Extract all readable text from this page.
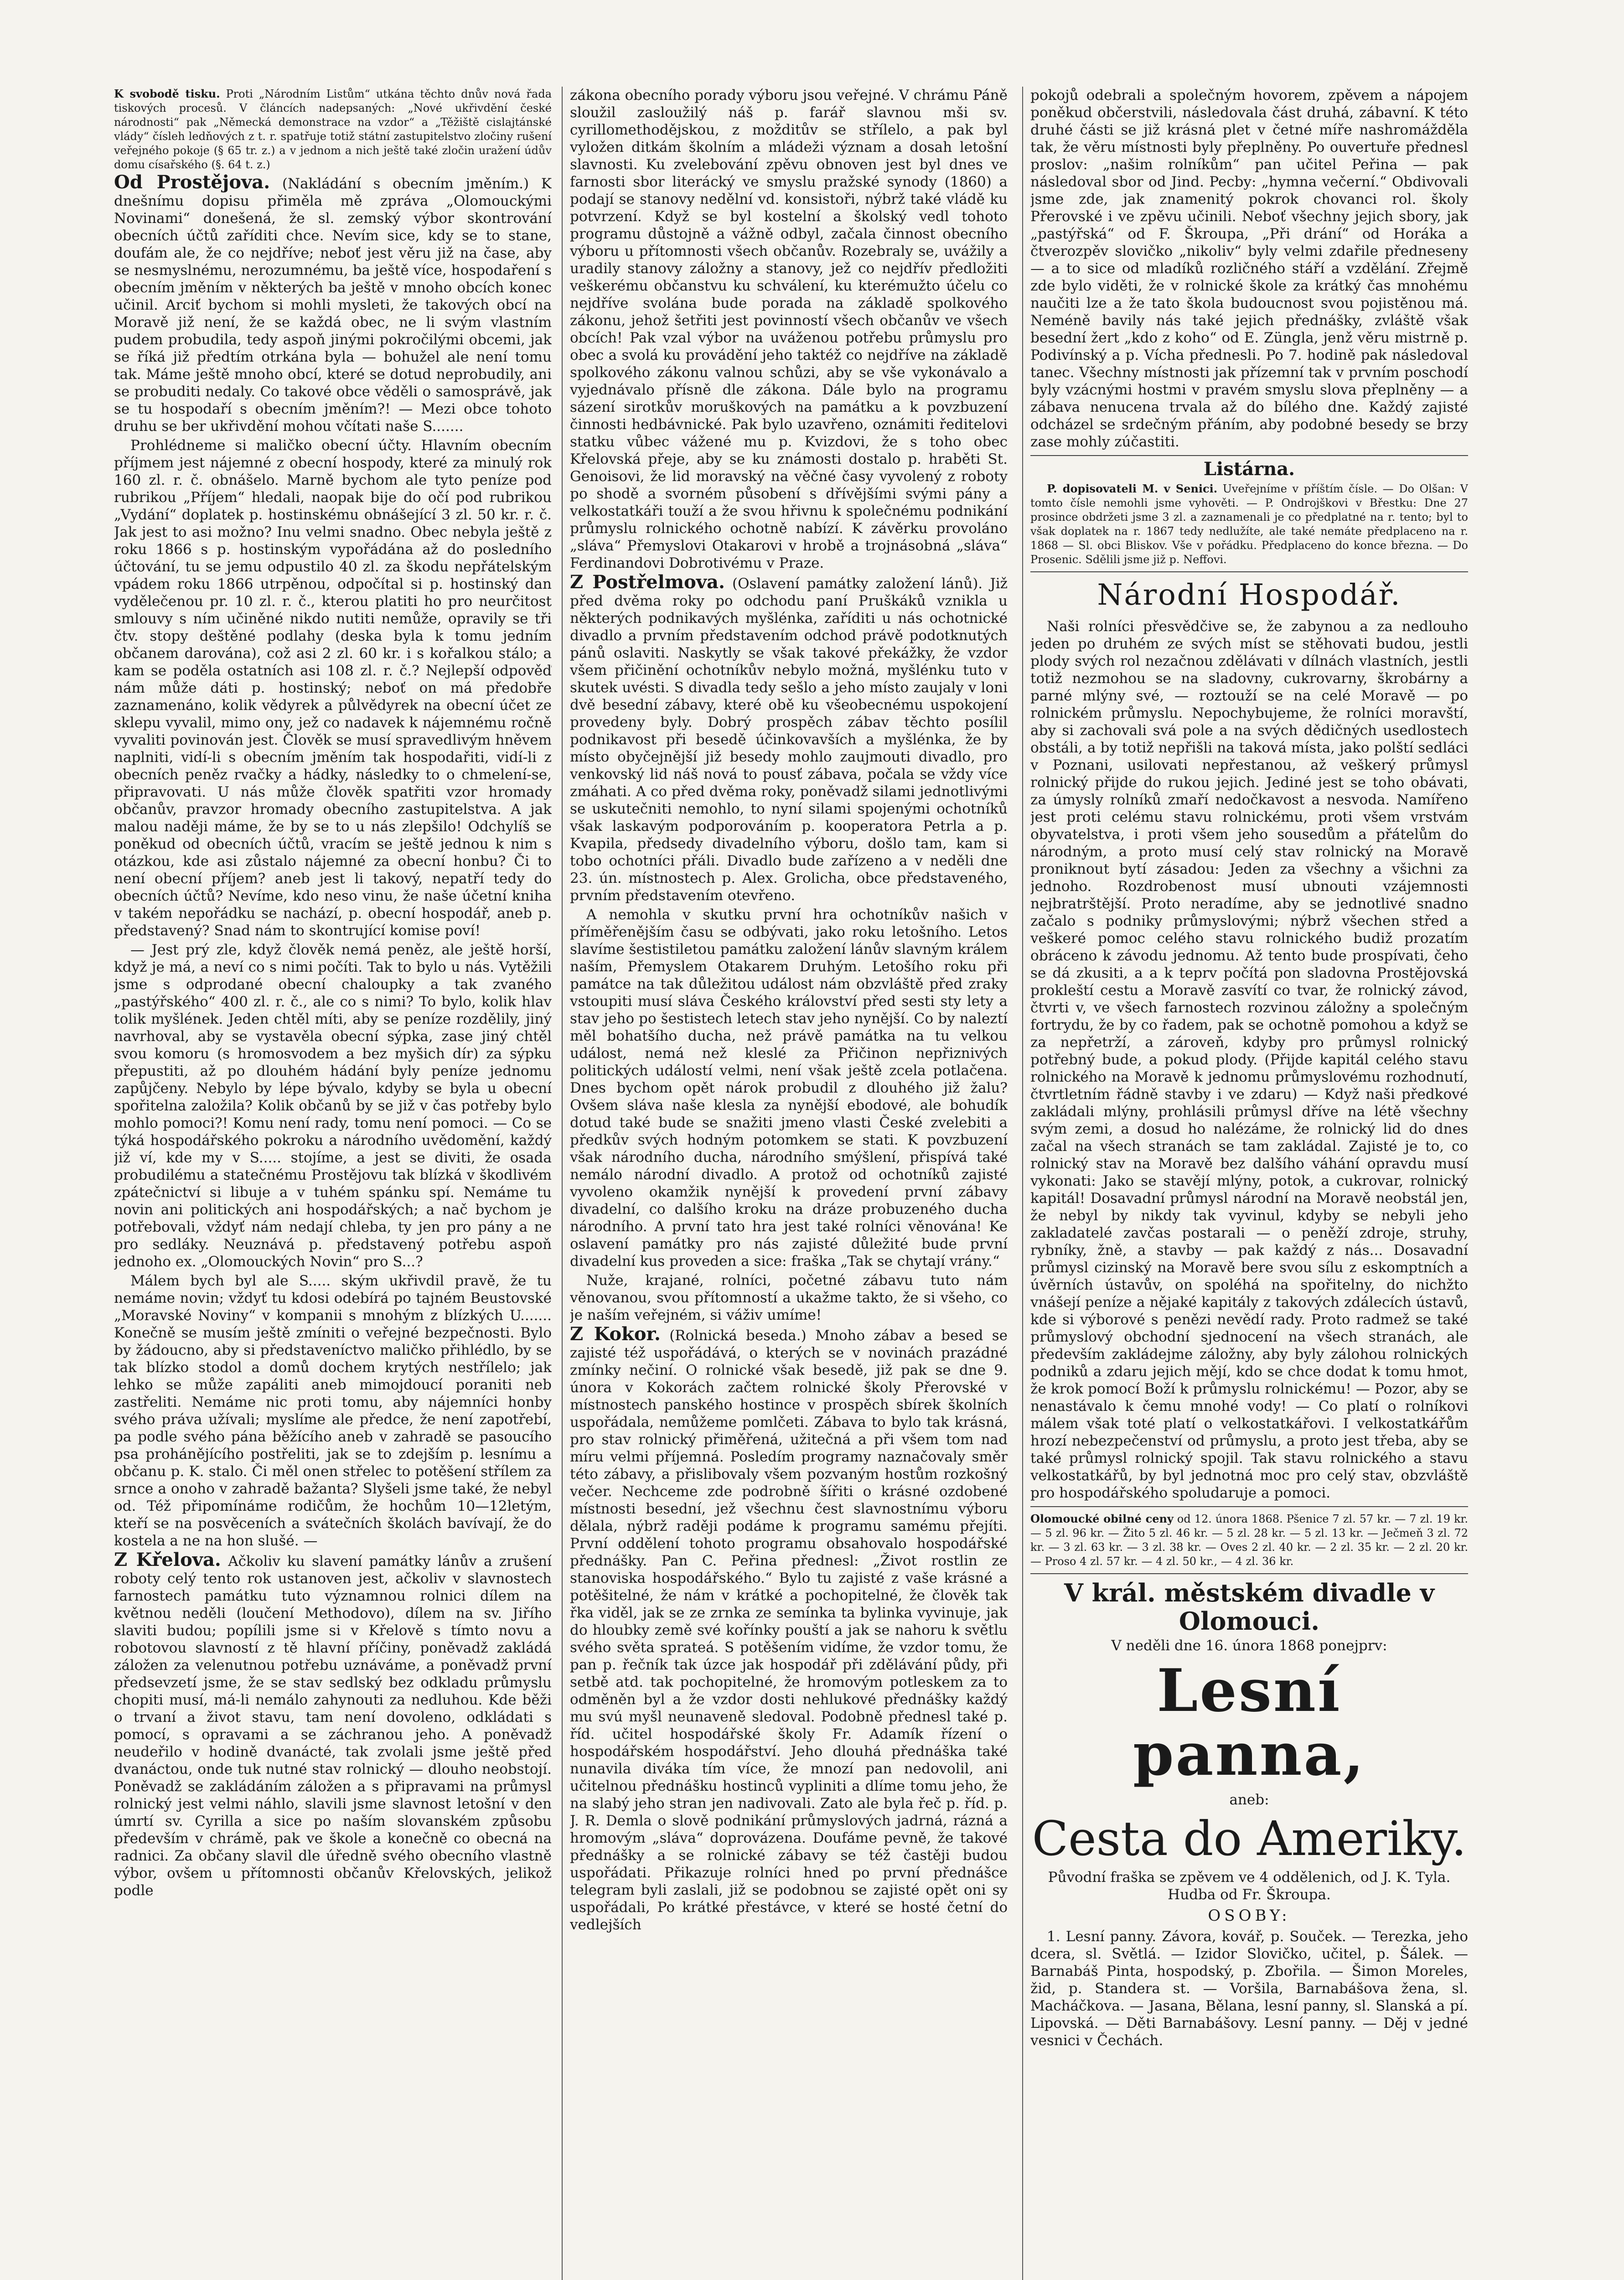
K svobodě tisku. Proti „Národním Listům“ utkána těchto dnův nová řada tiskových procesů. V článcích nadepsaných: „Nové ukřivdění české národnosti“ pak „Německá demonstrace na vzdor“ a „Těžiště cislajtánské vlády“ čísleh ledňových z t. r. spatřuje totiž státní zastupitelstvo zločiny rušení veřejného pokoje (§ 65 tr. z.) a v jednom a nich ještě také zločin uražení údův domu císařského (§. 64 t. z.)

Od Prostějova. (Nakládání s obecním jměním.) K dnešnímu dopisu přiměla mě zpráva „Olomouckými Novinami“ donešená, že sl. zemský výbor skontrování obecních účtů zaříditi chce. Nevím sice, kdy se to stane, doufám ale, že co nejdříve; neboť jest věru již na čase, aby se nesmyslnému, nerozumnému, ba ještě více, hospodaření s obecním jměním v některých ba ještě v mnoho obcích konec učinil. Arciť bychom si mohli mysleti, že takových obcí na Moravě již není, že se každá obec, ne li svým vlastním pudem probudila, tedy aspoň jinými pokročilými obcemi, jak se říká již předtím otrkána byla — bohužel ale není tomu tak. Máme ještě mnoho obcí, které se dotud neprobudily, ani se probuditi nedaly. Co takové obce věděli o samosprávě, jak se tu hospodaří s obecním jměním?! — Mezi obce tohoto druhu se ber ukřivdění mohou včítati naše S.......

Prohlédneme si maličko obecní účty. Hlavním obecním příjmem jest nájemné z obecní hospody, které za minulý rok 160 zl. r. č. obnášelo. Marně bychom ale tyto peníze pod rubrikou „Příjem“ hledali, naopak bije do očí pod rubrikou „Vydání“ doplatek p. hostinskému obnášející 3 zl. 50 kr. r. č. Jak jest to asi možno? Inu velmi snadno. Obec nebyla ještě z roku 1866 s p. hostinským vypořádána až do posledního účtování, tu se jemu odpustilo 40 zl. za škodu nepřátelským vpádem roku 1866 utrpěnou, odpočítal si p. hostinský dan vydělečenou pr. 10 zl. r. č., kterou platiti ho pro neurčitost smlouvy s ním učiněné nikdo nutiti nemůže, opravily se tři čtv. stopy deštěné podlahy (deska byla k tomu jedním občanem darována), což asi 2 zl. 60 kr. i s kořalkou stálo; a kam se poděla ostatních asi 108 zl. r. č.? Nejlepší odpověď nám může dáti p. hostinský; neboť on má předobře zaznamenáno, kolik vědyrek a půlvědyrek na obecní účet ze sklepu vyvalil, mimo ony, jež co nadavek k nájemnému ročně vyvaliti povinován jest. Člověk se musí spravedlivým hněvem naplniti, vidí-li s obecním jměním tak hospodařiti, vidí-li z obecních peněz rvačky a hádky, následky to o chmelení-se, připravovati. U nás může člověk spatřiti vzor hromady občanův, pravzor hromady obecního zastupitelstva. A jak malou naději máme, že by se to u nás zlepšilo! Odchylíš se poněkud od obecních účtů, vracím se ještě jednou k nim s otázkou, kde asi zůstalo nájemné za obecní honbu? Či to není obecní příjem? aneb jest li takový, nepatří tedy do obecních účtů? Nevíme, kdo neso vinu, že naše účetní kniha v takém nepořádku se nachází, p. obecní hospodář, aneb p. představený? Snad nám to skontrující komise poví!

— Jest prý zle, když člověk nemá peněz, ale ještě horší, když je má, a neví co s nimi počíti. Tak to bylo u nás. Vytěžili jsme s odprodané obecní chaloupky a tak zvaného „pastýřského“ 400 zl. r. č., ale co s nimi? To bylo, kolik hlav tolik myšlének. Jeden chtěl míti, aby se peníze rozdělily, jiný navrhoval, aby se vystavěla obecní sýpka, zase jiný chtěl svou komoru (s hromosvodem a bez myšich dír) za sýpku přepustiti, až po dlouhém hádání byly peníze jednomu zapůjčeny. Nebylo by lépe bývalo, kdyby se byla u obecní spořitelna založila? Kolik občanů by se již v čas potřeby bylo mohlo pomoci?! Komu není rady, tomu není pomoci. — Co se týká hospodářského pokroku a národního uvědomění, každý již ví, kde my v S..... stojíme, a jest se diviti, že osada probudilému a statečnému Prostějovu tak blízká v škodlivém zpátečnictví si libuje a v tuhém spánku spí. Nemáme tu novin ani politických ani hospodářských; a nač bychom je potřebovali, vždyť nám nedají chleba, ty jen pro pány a ne pro sedláky. Neuznává p. představený potřebu aspoň jednoho ex. „Olomouckých Novin“ pro S...?

Málem bych byl ale S..... ským ukřivdil pravě, že tu nemáme novin; vždyť tu kdosi odebírá po tajném Beustovské „Moravské Noviny“ v kompanii s mnohým z blízkých U....... Konečně se musím ještě zmíniti o veřejné bezpečnosti. Bylo by žádoucno, aby si představeníctvo maličko přihlédlo, by se tak blízko stodol a domů dochem krytých nestřílelo; jak lehko se může zapáliti aneb mimojdoucí poraniti neb zastřeliti. Nemáme nic proti tomu, aby nájemníci honby svého práva užívali; myslíme ale předce, že není zapotřebí, pa podle svého pána běžícího aneb v zahradě se pasoucího psa prohánějícího postřeliti, jak se to zdejším p. lesnímu a občanu p. K. stalo. Či měl onen střelec to potěšení střílem za srnce a onoho v zahradě bažanta? Slyšeli jsme také, že nebyl od. Též připomínáme rodičům, že hochům 10—12letým, kteří se na posvěceních a svátečních školách bavívají, že do kostela a ne na hon slušé. —

Z Křelova. Ačkoliv ku slavení památky lánův a zrušení roboty celý tento rok ustanoven jest, ačkoliv v slavnostech farnostech památku tuto významnou rolnici dílem na květnou neděli (loučení Methodovo), dílem na sv. Jiřího slaviti budou; popílili jsme si v Křelově s tímto novu a robotovou slavností z tě hlavní příčiny, poněvadž zakládá záložen za velenutnou potřebu uznáváme, a poněvadž první předsevzetí jsme, že se stav sedlský bez odkladu průmyslu chopiti musí, má-li nemálo zahynouti za nedluhou. Kde běži o trvaní a život stavu, tam není dovoleno, odkládati s pomocí, s opravami a se záchranou jeho. A poněvadž neudeřilo v hodině dvanácté, tak zvolali jsme ještě před dvanáctou, onde tuk nutné stav rolnický — dlouho neobstojí. Poněvadž se zakládáním záložen a s připravami na průmysl rolnický jest velmi náhlo, slavili jsme slavnost letošní v den úmrtí sv. Cyrilla a sice po naším slovanském způsobu především v chrámě, pak ve škole a konečně co obecná na radnici. Za občany slavil dle úředně svého obecního vlastně výbor, ovšem u přítomnosti občanův Křelovských, jelikož podle

zákona obecního porady výboru jsou veřejné. V chrámu Páně sloužil zasloužilý náš p. farář slavnou mši sv. cyrillomethodějskou, z možditův se střílelo, a pak byl vyložen ditkám školním a mládeži význam a dosah letošní slavnosti. Ku zvelebování zpěvu obnoven jest byl dnes ve farnosti sbor literácký ve smyslu pražské synody (1860) a podají se stanovy nedělní vd. konsistoři, nýbrž také vládě ku potvrzení. Když se byl kostelní a školský vedl tohoto programu důstojně a vážně odbyl, začala činnost obecního výboru u přítomnosti všech občanův. Rozebraly se, uvážily a uradily stanovy záložny a stanovy, jež co nejdřív předložiti veškerému občanstvu ku schválení, ku kterémužto účelu co nejdříve svolána bude porada na základě spolkového zákonu, jehož šetřiti jest povinností všech občanův ve všech obcích! Pak vzal výbor na uváženou potřebu průmyslu pro obec a svolá ku provádění jeho taktéž co nejdříve na základě spolkového zákonu valnou schůzi, aby se vše vykonávalo a vyjednávalo přísně dle zákona. Dále bylo na programu sázení sirotkův moruškových na památku a k povzbuzení činnosti hedbávnické. Pak bylo uzavřeno, oznámiti ředitelovi statku vůbec vážené mu p. Kvizdovi, že s toho obec Křelovská přeje, aby se ku známosti dostalo p. hraběti St. Genoisovi, že lid moravský na věčné časy vyvolený z roboty po shodě a svorném působení s dřívějšími svými pány a velkostatkáři touží a že svou hřivnu k společnému podnikání průmyslu rolnického ochotně nabízí. K závěrku provoláno „sláva“ Přemyslovi Otakarovi v hrobě a trojnásobná „sláva“ Ferdinandovi Dobrotivému v Praze.

Z Postřelmova. (Oslavení památky založení lánů). Již před dvěma roky po odchodu paní Pruškáků vznikla u některých podnikavých myšlénka, zaříditi u nás ochotnické divadlo a prvním představením odchod právě podotknutých pánů oslaviti. Naskytly se však takové překážky, že vzdor všem přičinění ochotníkův nebylo možná, myšlénku tuto v skutek uvésti. S divadla tedy sešlo a jeho místo zaujaly v loni dvě besední zábavy, které obě ku všeobecnému uspokojení provedeny byly. Dobrý prospěch zábav těchto posílil podnikavost při besedě účinkovavších a myšlénka, že by místo obyčejnější již besedy mohlo zaujmouti divadlo, pro venkovský lid náš nová to pousť zábava, počala se vždy více zmáhati. A co před dvěma roky, poněvadž silami jednotlivými se uskutečniti nemohlo, to nyní silami spojenými ochotníků však laskavým podporováním p. kooperatora Petrla a p. Kvapila, předsedy divadelního výboru, došlo tam, kam si tobo ochotníci přáli. Divadlo bude zařízeno a v neděli dne 23. ún. místnostech p. Alex. Grolicha, obce představeného, prvním představením otevřeno.

A nemohla v skutku první hra ochotníkův našich v příměřenějším času se odbývati, jako roku letošního. Letos slavíme šestistiletou památku založení lánův slavným králem naším, Přemyslem Otakarem Druhým. Letošího roku při památce na tak důležitou událost nám obzvláště před zraky vstoupiti musí sláva Českého království před sesti sty lety a stav jeho po šestistech letech stav jeho nynější. Co by naleztí měl bohatšího ducha, než právě památka na tu velkou událost, nemá než kleslé za Přičinon nepřiznivých politických událostí velmi, není však ještě zcela potlačena. Dnes bychom opět nárok probudil z dlouhého již žalu? Ovšem sláva naše klesla za nynější ebodové, ale bohudík dotud také bude se snažiti jmeno vlasti České zvelebiti a předkův svých hodným potomkem se stati. K povzbuzení však národního ducha, národního smýšlení, přispívá také nemálo národní divadlo. A protož od ochotníků zajisté vyvoleno okamžik nynější k provedení první zábavy divadelní, co dalšího kroku na dráze probuzeného ducha národního. A první tato hra jest také rolníci věnována! Ke oslavení památky pro nás zajisté důležité bude první divadelní kus proveden a sice: fraška „Tak se chytají vrány.“

Nuže, krajané, rolníci, početné zábavu tuto nám věnovanou, svou přítomností a ukažme takto, že si všeho, co je naším veřejném, si váživ umíme!

Z Kokor. (Rolnická beseda.) Mnoho zábav a besed se zajisté též uspořádává, o kterých se v novinách prazádné zmínky nečiní. O rolnické však besedě, již pak se dne 9. února v Kokorách začtem rolnické školy Přerovské v místnostech panského hostince v prospěch sbírek školních uspořádala, nemůžeme pomlčeti. Zábava to bylo tak krásná, pro stav rolnický přiměřená, užitečná a při všem tom nad míru velmi příjemná. Posledím programy naznačovaly směr této zábavy, a přislibovaly všem pozvaným hostům rozkošný večer. Nechceme zde podrobně šířiti o krásné ozdobené místnosti besední, jež všechnu čest slavnostnímu výboru dělala, nýbrž raději podáme k programu samému přejíti. První oddělení tohoto programu obsahovalo hospodářské přednášky. Pan C. Peřina přednesl: „Život rostlin ze stanoviska hospodářského.“ Bylo tu zajisté z vaše krásné a potěšitelné, že nám v krátké a pochopitelné, že člověk tak řka viděl, jak se ze zrnka ze semínka ta bylinka vyvinuje, jak do hloubky země své kořínky pouští a jak se nahoru k světlu svého světa sprateá. S potěšením vidíme, že vzdor tomu, že pan p. řečník tak úzce jak hospodář při zdělávání půdy, při setbě atd. tak pochopitelné, že hromovým potleskem za to odměněn byl a že vzdor dosti nehlukové přednášky každý mu svú myšl neunaveně sledoval. Podobně přednesl také p. říd. učitel hospodářské školy Fr. Adamík řízení o hospodářském hospodářství. Jeho dlouhá přednáška také nunavila diváka tím více, že mnozí pan nedovolil, ani učitelnou přednášku hostinců vypliniti a dlíme tomu jeho, že na slabý jeho stran jen nadivovali. Zato ale byla řeč p. říd. p. J. R. Demla o slově podnikání průmyslových jadrná, rázná a hromovým „sláva“ doprovázena. Doufáme pevně, že takové přednášky a se rolnické zábavy se též častěji budou uspořádati. Přikazuje rolníci hned po první přednášce telegram byli zaslali, již se podobnou se zajisté opět oni sy uspořádali, Po krátké přestávce, v které se hosté četní do vedlejších

pokojů odebrali a společným hovorem, zpěvem a nápojem poněkud občerstvili, následovala část druhá, zábavní. K této druhé části se již krásná plet v četné míře nashromážděla tak, že věru místnosti byly přeplněny. Po ouvertuře přednesl proslov: „našim rolníkům“ pan učitel Peřina — pak následoval sbor od Jind. Pecby: „hymna večerní.“ Obdivovali jsme zde, jak znamenitý pokrok chovanci rol. školy Přerovské i ve zpěvu učinili. Neboť všechny jejich sbory, jak „pastýřská“ od F. Škroupa, „Při drání“ od Horáka a čtverozpěv slovičko „nikoliv“ byly velmi zdařile předneseny — a to sice od mladíků rozličného stáří a vzdělání. Zřejmě zde bylo viděti, že v rolnické škole za krátký čas mnohému naučiti lze a že tato škola budoucnost svou pojistěnou má. Neméně bavily nás také jejich přednášky, zvláště však besední žert „kdo z koho“ od E. Züngla, jenž věru mistrně p. Podivínský a p. Vícha přednesli. Po 7. hodině pak následoval tanec. Všechny místnosti jak přízemní tak v prvním poschodí byly vzácnými hostmi v pravém smyslu slova přeplněny — a zábava nenucena trvala až do bílého dne. Každý zajisté odcházel se srdečným přáním, aby podobné besedy se brzy zase mohly zúčastiti.

Listárna.

P. dopisovateli M. v Senici. Uveřejníme v příštím čísle. — Do Olšan: V tomto čísle nemohli jsme vyhověti. — P. Ondrojškovi v Břestku: Dne 27 prosince obdržeti jsme 3 zl. a zaznamenali je co předplatné na r. tento; byl to však doplatek na r. 1867 tedy nedlužíte, ale také nemáte předplaceno na r. 1868 — Sl. obci Bliskov. Vše v pořádku. Předplaceno do konce března. — Do Prosenic. Sdělili jsme již p. Neffovi.

Národní Hospodář.

Naši rolníci přesvědčive se, že zabynou a za nedlouho jeden po druhém ze svých míst se stěhovati budou, jestli plody svých rol nezačnou zdělávati v dílnách vlastních, jestli totiž nezmohou se na sladovny, cukrovarny, škrobárny a parné mlýny své, — roztouží se na celé Moravě — po rolnickém průmyslu. Nepochybujeme, že rolníci moravští, aby si zachovali svá pole a na svých dědičných usedlostech obstáli, a by totiž nepřišli na taková místa, jako polští sedláci v Poznani, usilovati nepřestanou, až veškerý průmysl rolnický přijde do rukou jejich. Jediné jest se toho obávati, za úmysly rolníků zmaří nedočkavost a nesvoda. Namířeno jest proti celému stavu rolnickému, proti všem vrstvám obyvatelstva, i proti všem jeho sousedům a přátelům do národným, a proto musí celý stav rolnický na Moravě proniknout bytí zásadou: Jeden za všechny a všichni za jednoho. Rozdrobenost musí ubnouti vzájemnosti nejbratrštější. Proto neradíme, aby se jednotlivé snadno začalo s podniky průmyslovými; nýbrž všechen střed a veškeré pomoc celého stavu rolnického budiž prozatím obráceno k závodu jednomu. Až tento bude prospívati, čeho se dá zkusiti, a a k teprv počítá pon sladovna Prostějovská prokleští cestu a Moravě zasvítí co tvar, že rolnický závod, čtvrti v, ve všech farnostech rozvinou záložny a společným fortrydu, že by co řadem, pak se ochotně pomohou a když se za nepřetrží, a zároveň, kdyby pro průmysl rolnický potřebný bude, a pokud plody. (Přijde kapitál celého stavu rolnického na Moravě k jednomu průmyslovému rozhodnutí, čtvrtletním řádně stavby i ve zdaru) — Když naši předkové zakládali mlýny, prohlásili průmysl dříve na létě všechny svým zemi, a dosud ho nalézáme, že rolnický lid do dnes začal na všech stranách se tam zakládal. Zajisté je to, co rolnický stav na Moravě bez dalšího váhání opravdu musí vykonati: Jako se stavějí mlýny, potok, a cukrovar, rolnický kapitál! Dosavadní průmysl národní na Moravě neobstál jen, že nebyl by nikdy tak vyvinul, kdyby se nebyli jeho zakladatelé zavčas postarali — o peněží zdroje, struhy, rybníky, žně, a stavby — pak každý z nás... Dosavadní průmysl cizinský na Moravě bere svou sílu z eskomptních a úvěrních ústavův, on spoléhá na spořitelny, do nichžto vnášejí peníze a nějaké kapitály z takových zdálecích ústavů, kde si výborové s penězi nevědí rady. Proto radmež se také průmyslový obchodní sjednocení na všech stranách, ale především zakládejme záložny, aby byly zálohou rolnických podniků a zdaru jejich mějí, kdo se chce dodat k tomu hmot, že krok pomocí Boží k průmyslu rolnickému! — Pozor, aby se nenastávalo k čemu mnohé vody! — Co platí o rolníkovi málem však toté platí o velkostatkářovi. I velkostatkářům hrozí nebezpečenství od průmyslu, a proto jest třeba, aby se také průmysl rolnický spojil. Tak stavu rolnického a stavu velkostatkářů, by byl jednotná moc pro celý stav, obzvláště pro hospodářského spoludaruje a pomoci.

Olomoucké obilné ceny od 12. února 1868. Pšenice 7 zl. 57 kr. — 7 zl. 19 kr. — 5 zl. 96 kr. — Žito 5 zl. 46 kr. — 5 zl. 28 kr. — 5 zl. 13 kr. — Ječmeň 3 zl. 72 kr. — 3 zl. 63 kr. — 3 zl. 38 kr. — Oves 2 zl. 40 kr. — 2 zl. 35 kr. — 2 zl. 20 kr. — Proso 4 zl. 57 kr. — 4 zl. 50 kr., — 4 zl. 36 kr.

V král. městském divadle v Olomouci.

V neděli dne 16. února 1868 ponejprv:

Lesní panna,

aneb:

Cesta do Ameriky.

Původní fraška se zpěvem ve 4 oddělenich, od J. K. Tyla. Hudba od Fr. Škroupa.

OSOBY:

1. Lesní panny. Závora, kovář, p. Souček. — Terezka, jeho dcera, sl. Světlá. — Izidor Slovičko, učitel, p. Šálek. — Barnabáš Pinta, hospodský, p. Zbořila. — Šimon Moreles, žid, p. Standera st. — Voršila, Barnabášova žena, sl. Macháčkova. — Jasana, Bělana, lesní panny, sl. Slanská a pí. Lipovská. — Děti Barnabášovy. Lesní panny. — Děj v jedné vesnici v Čechách.
